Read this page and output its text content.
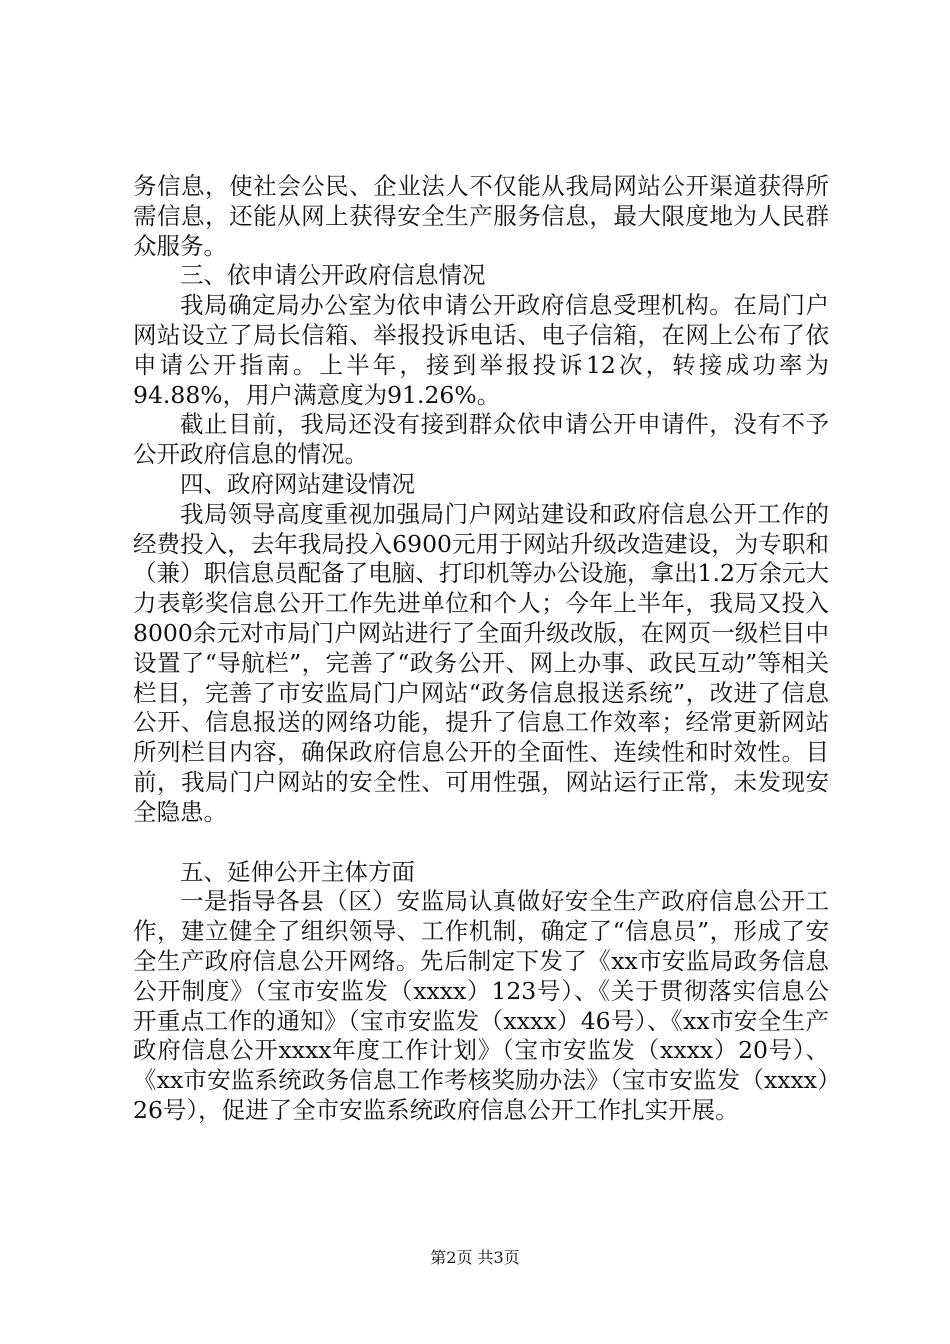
务信息，使社会公民、企业法人不仅能从我局网站公开渠道获得所需信息，还能从网上获得安全生产服务信息，最大限度地为人民群众服务。

三、依申请公开政府信息情况

我局确定局办公室为依申请公开政府信息受理机构。在局门户网站设立了局长信箱、举报投诉电话、电子信箱，在网上公布了依申请公开指南。上半年，接到举报投诉12次，转接成功率为94.88%，用户满意度为91.26%。

截止目前，我局还没有接到群众依申请公开申请件，没有不予公开政府信息的情况。

四、政府网站建设情况

我局领导高度重视加强局门户网站建设和政府信息公开工作的经费投入，去年我局投入6900元用于网站升级改造建设，为专职和（兼）职信息员配备了电脑、打印机等办公设施，拿出1.2万余元大力表彰奖信息公开工作先进单位和个人；今年上半年，我局又投入8000余元对市局门户网站进行了全面升级改版，在网页一级栏目中设置了“导航栏”，完善了“政务公开、网上办事、政民互动”等相关栏目，完善了市安监局门户网站“政务信息报送系统”，改进了信息公开、信息报送的网络功能，提升了信息工作效率；经常更新网站所列栏目内容，确保政府信息公开的全面性、连续性和时效性。目前，我局门户网站的安全性、可用性强，网站运行正常，未发现安全隐患。

五、延伸公开主体方面

一是指导各县（区）安监局认真做好安全生产政府信息公开工作，建立健全了组织领导、工作机制，确定了“信息员”，形成了安全生产政府信息公开网络。先后制定下发了《xx市安监局政务信息公开制度》（宝市安监发（xxxx）123号）、《关于贯彻落实信息公开重点工作的通知》（宝市安监发（xxxx）46号）、《xx市安全生产政府信息公开xxxx年度工作计划》（宝市安监发（xxxx）20号）、《xx市安监系统政务信息工作考核奖励办法》（宝市安监发（xxxx）26号），促进了全市安监系统政府信息公开工作扎实开展。

第2页 共3页
